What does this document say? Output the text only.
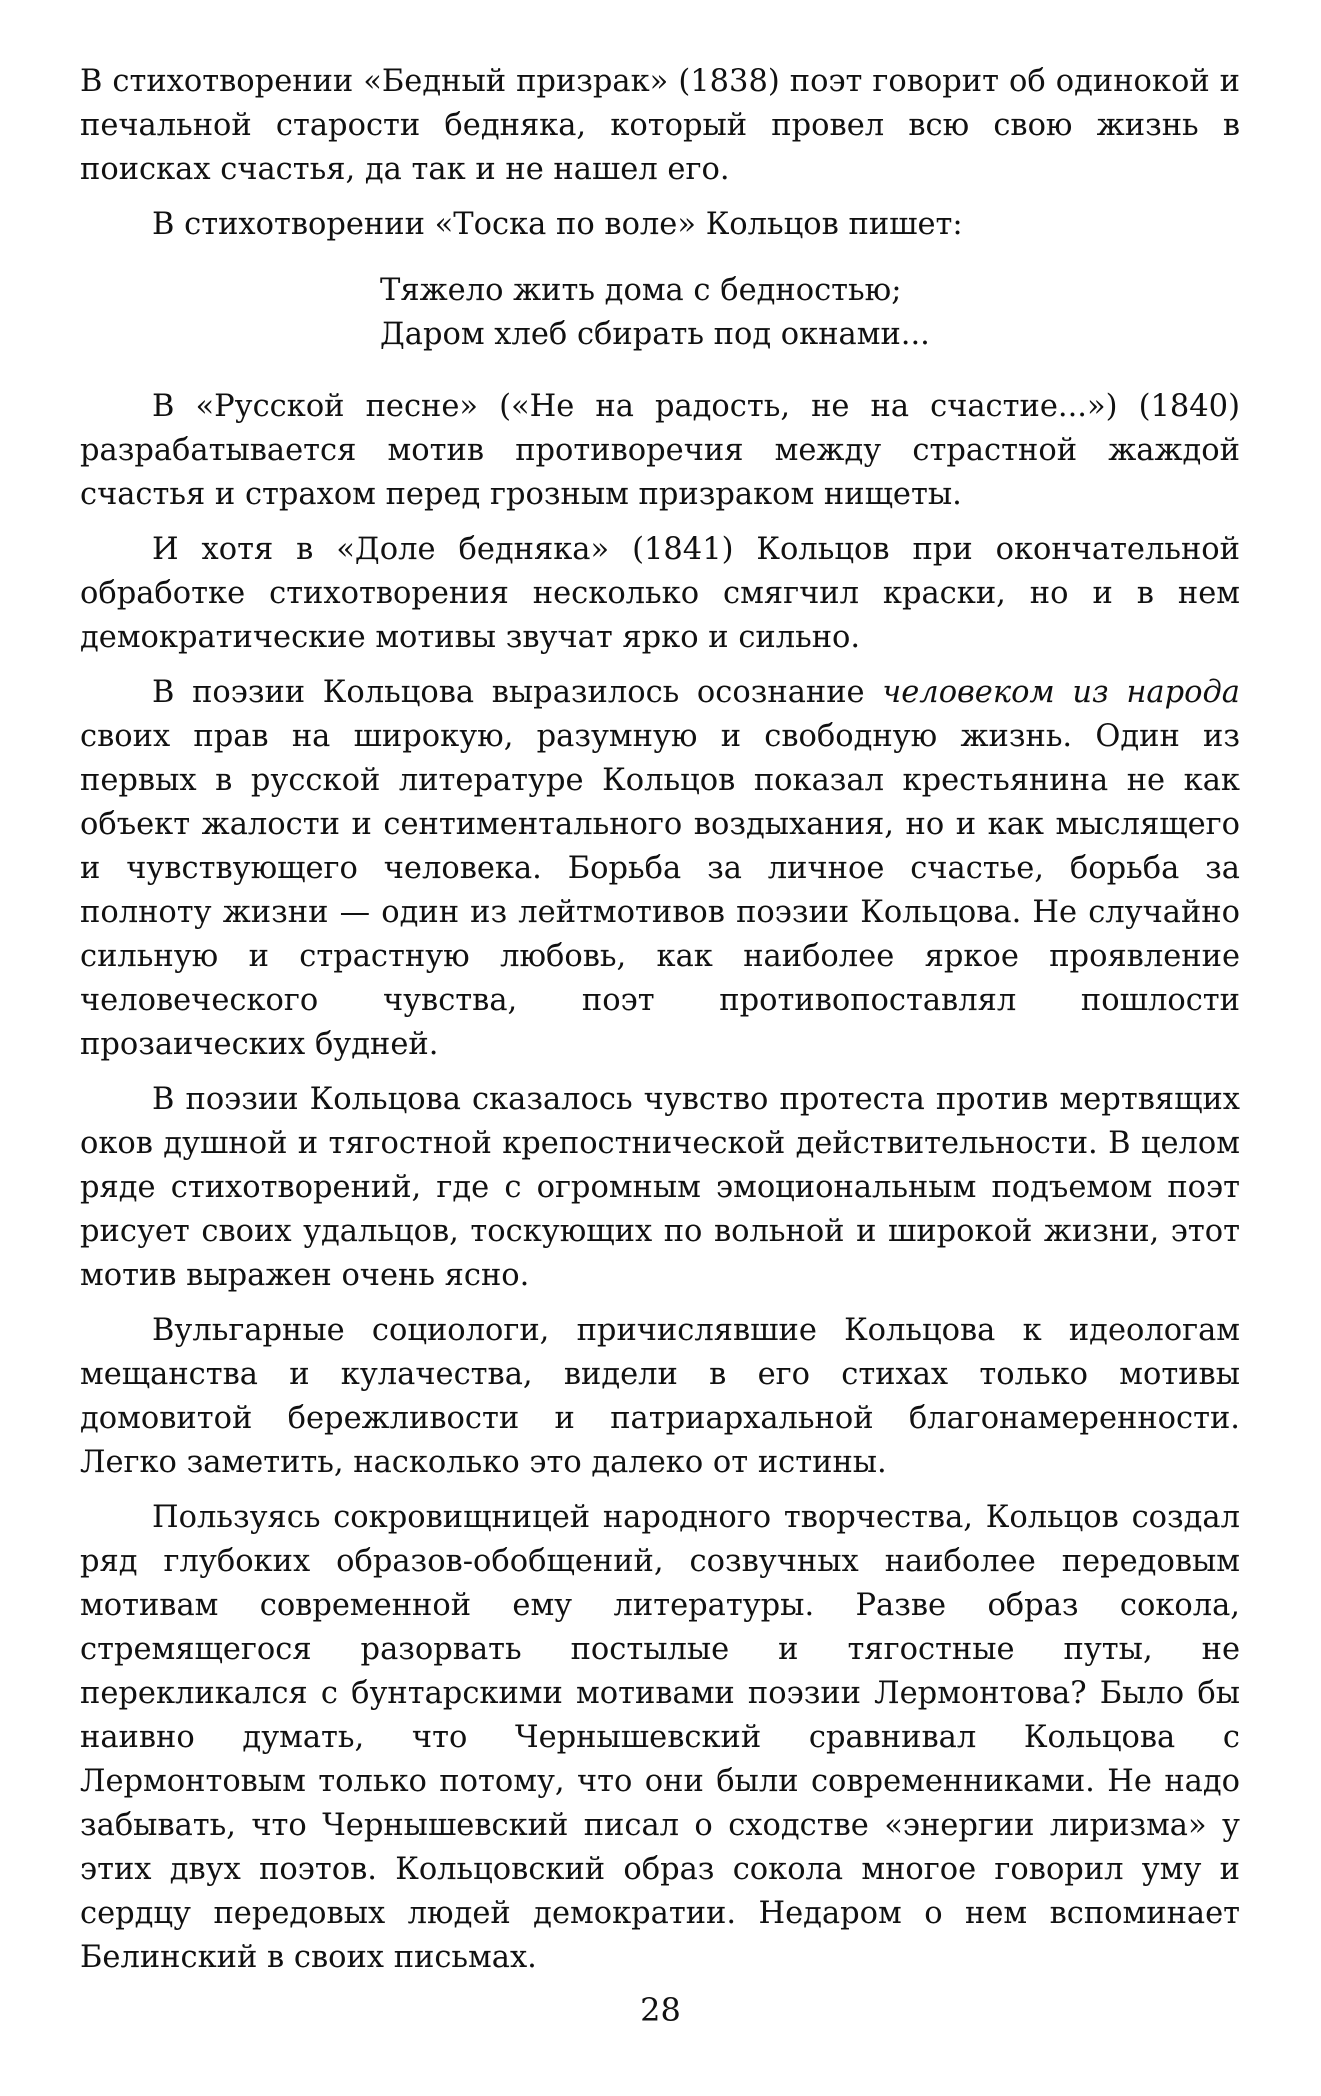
В стихотворении «Бедный призрак» (1838) поэт говорит об одинокой и печальной старости бедняка, который провел всю свою жизнь в поисках счастья, да так и не нашел его.

В стихотворении «Тоска по воле» Кольцов пишет:

Тяжело жить дома с бедностью;
Даром хлеб сбирать под окнами...

В «Русской песне» («Не на радость, не на счастие...») (1840) разрабатывается мотив противоречия между страстной жаждой счастья и страхом перед грозным призраком нищеты.

И хотя в «Доле бедняка» (1841) Кольцов при окончательной обработке стихотворения несколько смягчил краски, но и в нем демократические мотивы звучат ярко и сильно.

В поэзии Кольцова выразилось осознание человеком из народа своих прав на широкую, разумную и свободную жизнь. Один из первых в русской литературе Кольцов показал крестьянина не как объект жалости и сентиментального воздыхания, но и как мыслящего и чувствующего человека. Борьба за личное счастье, борьба за полноту жизни — один из лейтмотивов поэзии Кольцова. Не случайно сильную и страстную любовь, как наиболее яркое проявление человеческого чувства, поэт противопоставлял пошлости прозаических будней.

В поэзии Кольцова сказалось чувство протеста против мертвящих оков душной и тягостной крепостнической действительности. В целом ряде стихотворений, где с огромным эмоциональным подъемом поэт рисует своих удальцов, тоскующих по вольной и широкой жизни, этот мотив выражен очень ясно.

Вульгарные социологи, причислявшие Кольцова к идеологам мещанства и кулачества, видели в его стихах только мотивы домовитой бережливости и патриархальной благонамеренности. Легко заметить, насколько это далеко от истины.

Пользуясь сокровищницей народного творчества, Кольцов создал ряд глубоких образов-обобщений, созвучных наиболее передовым мотивам современной ему литературы. Разве образ сокола, стремящегося разорвать постылые и тягостные путы, не перекликался с бунтарскими мотивами поэзии Лермонтова? Было бы наивно думать, что Чернышевский сравнивал Кольцова с Лермонтовым только потому, что они были современниками. Не надо забывать, что Чернышевский писал о сходстве «энергии лиризма» у этих двух поэтов. Кольцовский образ сокола многое говорил уму и сердцу передовых людей демократии. Недаром о нем вспоминает Белинский в своих письмах.

28
